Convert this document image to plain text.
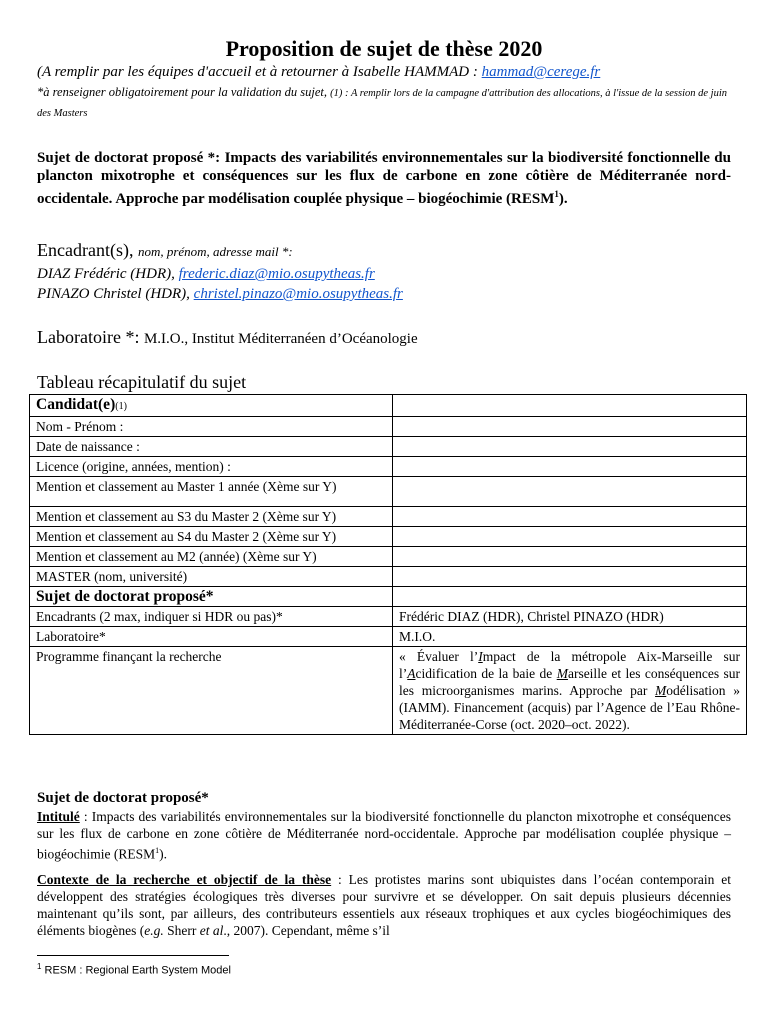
Proposition de sujet de thèse 2020
(A remplir par les équipes d'accueil et à retourner à Isabelle HAMMAD : hammad@cerege.fr
*à renseigner obligatoirement pour la validation du sujet, (1) : A remplir lors de la campagne d'attribution des allocations, à l'issue de la session de juin des Masters
Sujet de doctorat proposé *: Impacts des variabilités environnementales sur la biodiversité fonctionnelle du plancton mixotrophe et conséquences sur les flux de carbone en zone côtière de Méditerranée nord-occidentale. Approche par modélisation couplée physique – biogéochimie (RESM$^1$).
Encadrant(s), nom, prénom, adresse mail *:
DIAZ Frédéric (HDR), frederic.diaz@mio.osupytheas.fr
PINAZO Christel (HDR), christel.pinazo@mio.osupytheas.fr
Laboratoire *: M.I.O., Institut Méditerranéen d’Océanologie
Tableau récapitulatif du sujet
Candidat(e)(1)	
Nom - Prénom :	
Date de naissance :	
Licence (origine, années, mention) :	
Mention et classement au Master 1 année (Xème sur Y)	
Mention et classement au S3 du Master 2 (Xème sur Y)	
Mention et classement au S4 du Master 2 (Xème sur Y)	
Mention et classement au M2 (année) (Xème sur Y)	
MASTER (nom, université)	
Sujet de doctorat proposé*	
Encadrants (2 max, indiquer si HDR ou pas)*	Frédéric DIAZ (HDR), Christel PINAZO (HDR)
Laboratoire*	M.I.O.
Programme finançant la recherche	« Évaluer l’Impact de la métropole Aix-Marseille sur l’Acidification de la baie de Marseille et les conséquences sur les microorganismes marins. Approche par Modélisation » (IAMM). Financement (acquis) par l’Agence de l’Eau Rhône-Méditerranée-Corse (oct. 2020–oct. 2022).
Sujet de doctorat proposé*
Intitulé : Impacts des variabilités environnementales sur la biodiversité fonctionnelle du plancton mixotrophe et conséquences sur les flux de carbone en zone côtière de Méditerranée nord-occidentale. Approche par modélisation couplée physique – biogéochimie (RESM$^1$).
Contexte de la recherche et objectif de la thèse : Les protistes marins sont ubiquistes dans l’océan contemporain et développent des stratégies écologiques très diverses pour survivre et se développer. On sait depuis plusieurs décennies maintenant qu’ils sont, par ailleurs, des contributeurs essentiels aux réseaux trophiques et aux cycles biogéochimiques des éléments biogènes (e.g. Sherr et al., 2007). Cependant, même s’il
$^1$ RESM : Regional Earth System Model
